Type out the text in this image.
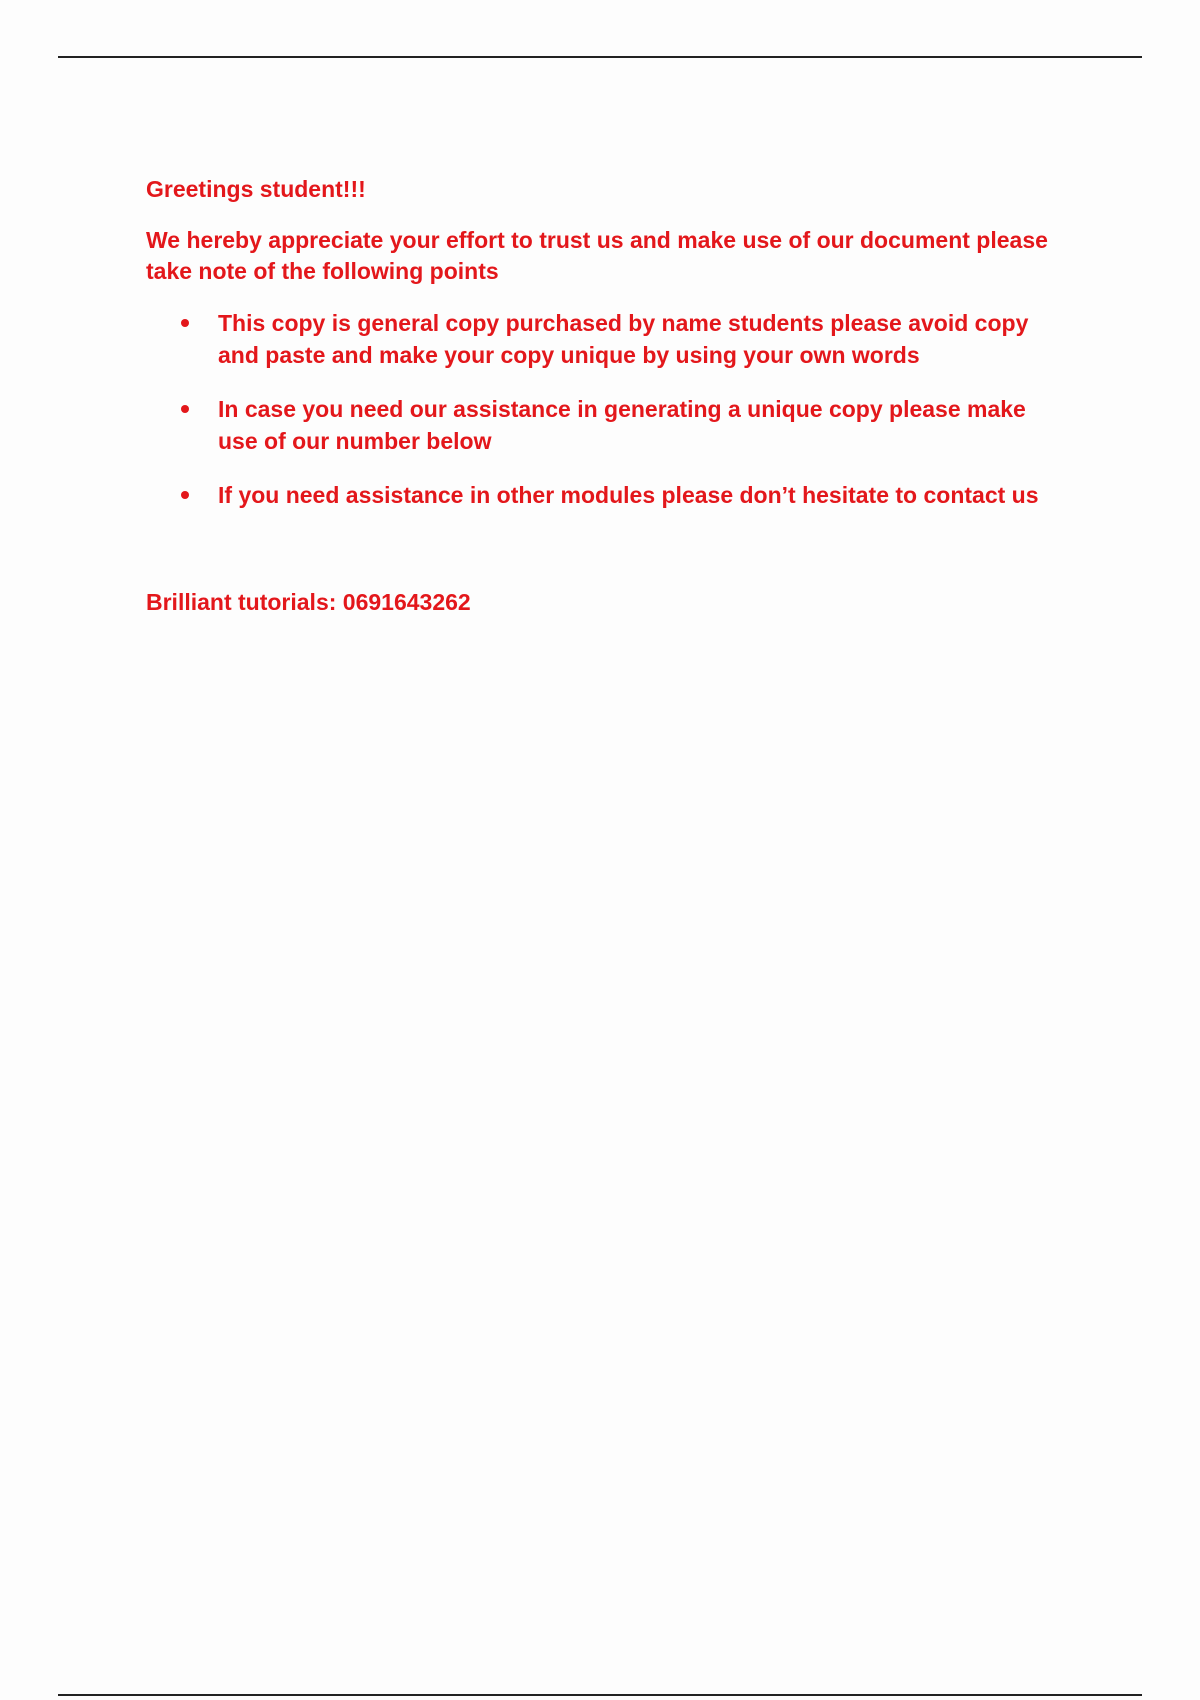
Greetings student!!!

We hereby appreciate your effort to trust us and make use of our document please take note of the following points

This copy is general copy purchased by name students please avoid copy and paste and make your copy unique by using your own words
In case you need our assistance in generating a unique copy please make use of our number below
If you need assistance in other modules please don’t hesitate to contact us

Brilliant tutorials: 0691643262
